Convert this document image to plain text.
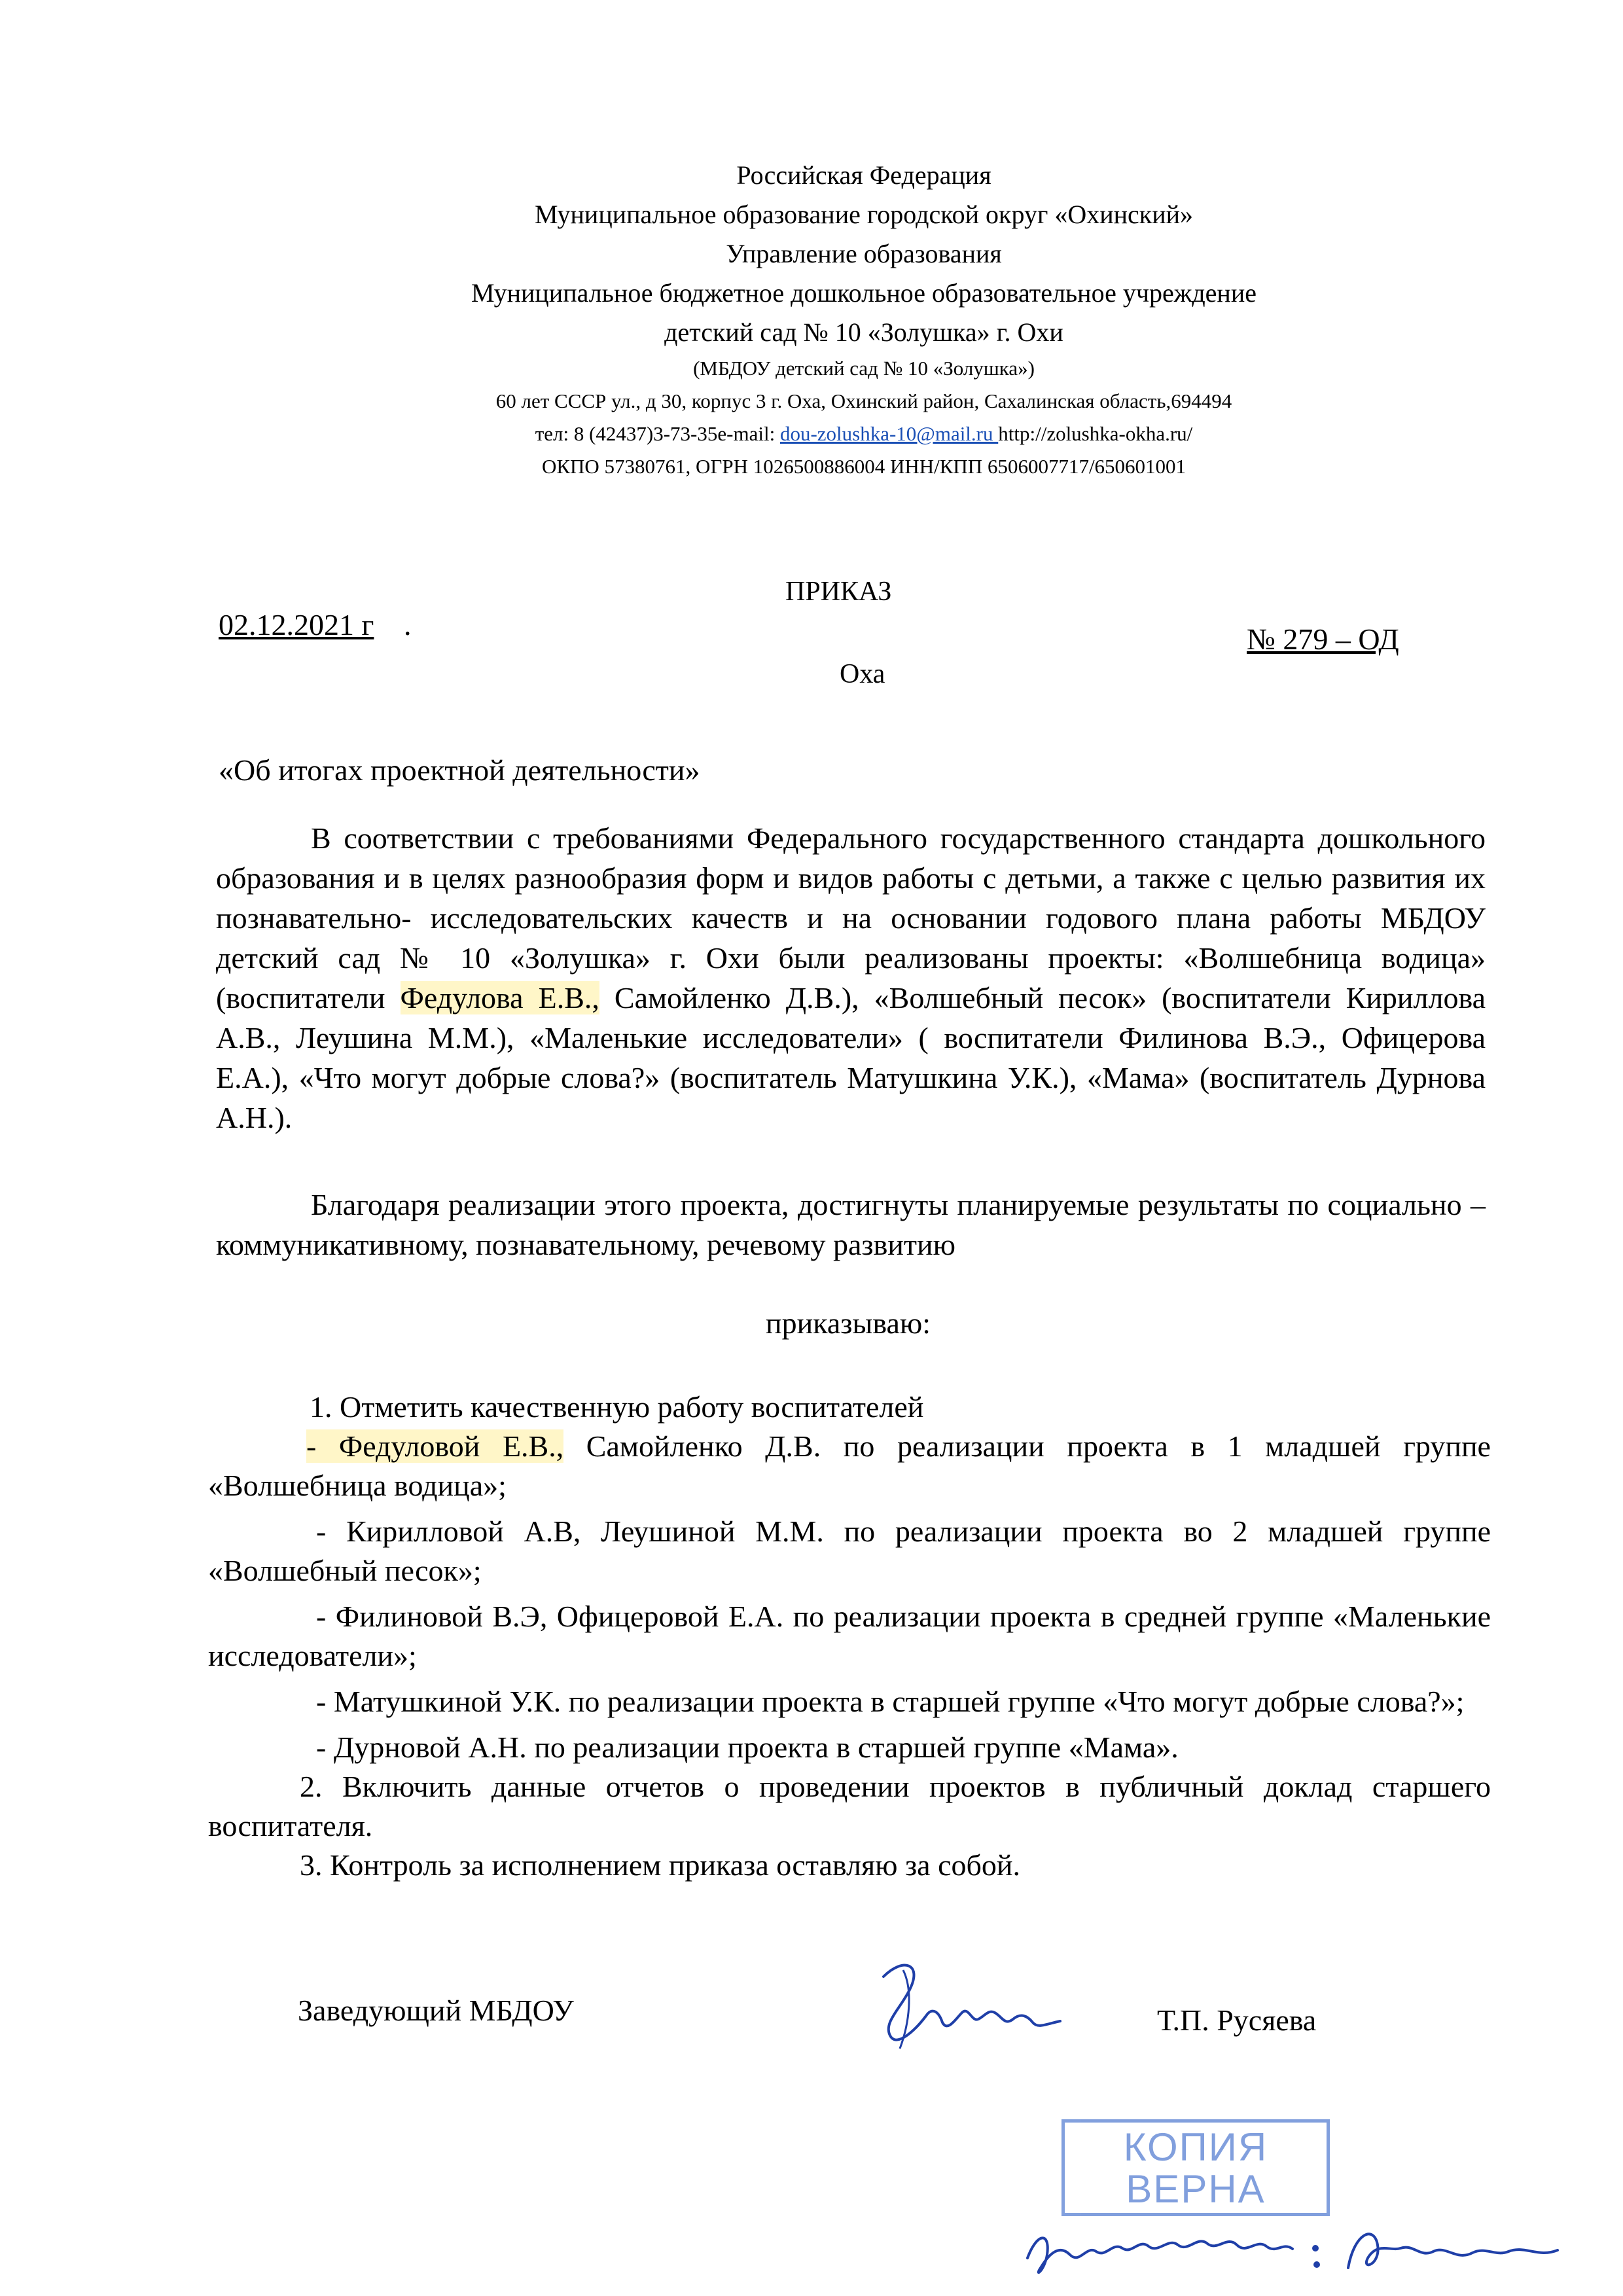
Российская Федерация

Муниципальное образование городской округ «Охинский»

Управление образования

Муниципальное бюджетное дошкольное образовательное учреждение

детский сад № 10 «Золушка» г. Охи

(МБДОУ детский сад № 10 «Золушка»)

60 лет СССР ул., д 30, корпус 3 г. Оха, Охинский район, Сахалинская область,694494

тел: 8 (42437)3-73-35e-mail: dou-zolushka-10@mail.ru http://zolushka-okha.ru/

ОКПО 57380761, ОГРН 1026500886004 ИНН/КПП 6506007717/650601001

ПРИКАЗ
02.12.2021 г .	№ 279 – ОД
Оха
«Об итогах проектной деятельности»

В соответствии с требованиями Федерального государственного стандарта дошкольного образования и в целях разнообразия форм и видов работы с детьми, а также с целью развития их познавательно- исследовательских качеств и на основании годового плана работы МБДОУ детский сад № 10 «Золушка» г. Охи были реализованы проекты: «Волшебница водица» (воспитатели Федулова Е.В., Самойленко Д.В.), «Волшебный песок» (воспитатели Кириллова А.В., Леушина М.М.), «Маленькие исследователи» ( воспитатели Филинова В.Э., Офицерова Е.А.), «Что могут добрые слова?» (воспитатель Матушкина У.К.), «Мама» (воспитатель Дурнова А.Н.).

Благодаря реализации этого проекта, достигнуты планируемые результаты по социально – коммуникативному, познавательному, речевому развитию

приказываю:

1. Отметить качественную работу воспитателей

- Федуловой Е.В., Самойленко Д.В. по реализации проекта в 1 младшей группе «Волшебница водица»;

- Кирилловой А.В, Леушиной М.М. по реализации проекта во 2 младшей группе «Волшебный песок»;

- Филиновой В.Э, Офицеровой Е.А. по реализации проекта в средней группе «Маленькие исследователи»;

- Матушкиной У.К. по реализации проекта в старшей группе «Что могут добрые слова?»;

- Дурновой А.Н. по реализации проекта в старшей группе «Мама».

2. Включить данные отчетов о проведении проектов в публичный доклад старшего воспитателя.

3. Контроль за исполнением приказа оставляю за собой.

Заведующий МБДОУ	Т.П. Русяева
КОПИЯ
ВЕРНА
